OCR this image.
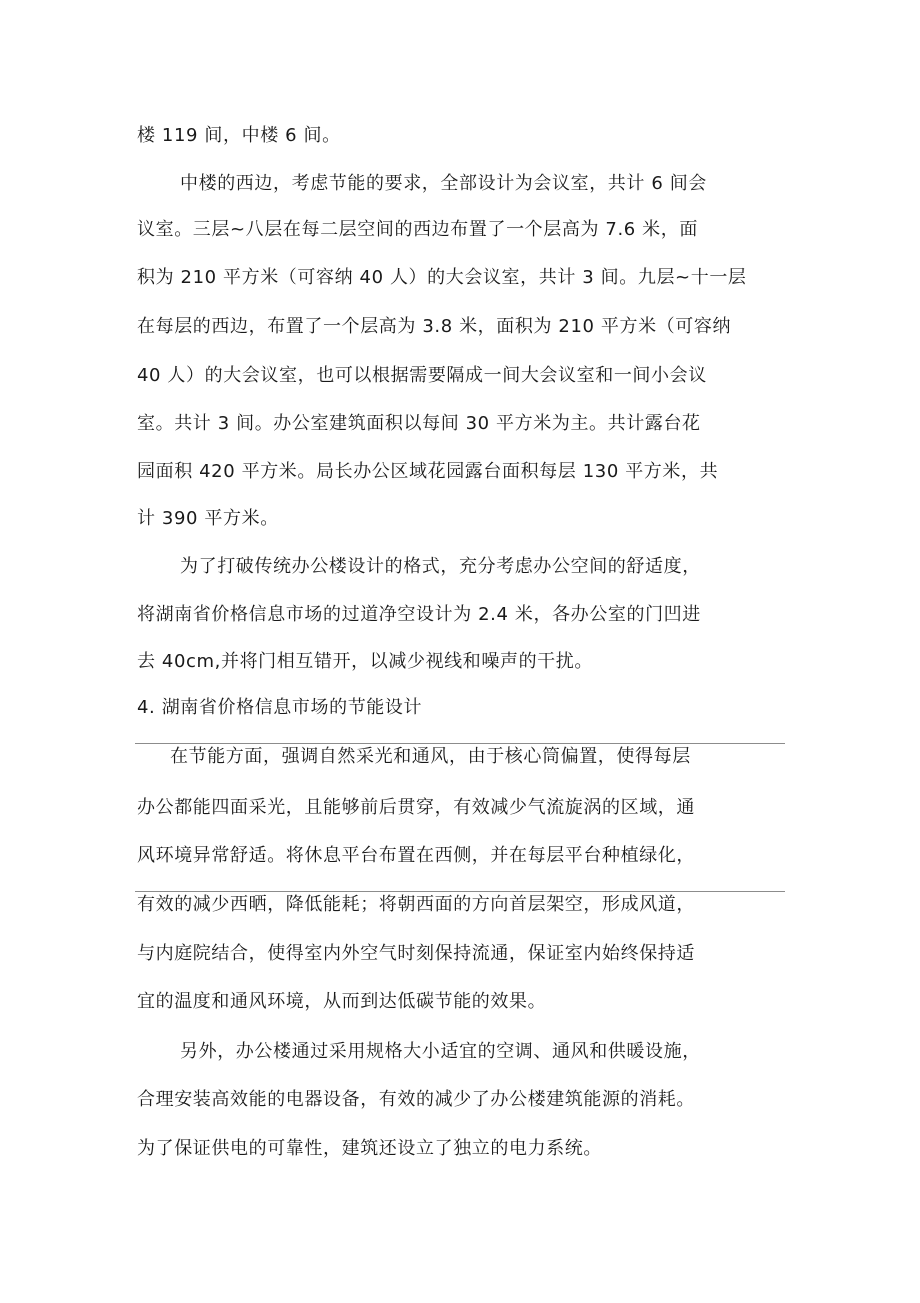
楼 119 间，中楼 6 间。
中楼的西边，考虑节能的要求，全部设计为会议室，共计 6 间会
议室。三层~八层在每二层空间的西边布置了一个层高为 7.6 米，面
积为 210 平方米（可容纳 40 人）的大会议室，共计 3 间。九层~十一层
在每层的西边，布置了一个层高为 3.8 米，面积为 210 平方米（可容纳
40 人）的大会议室，也可以根据需要隔成一间大会议室和一间小会议
室。共计 3 间。办公室建筑面积以每间 30 平方米为主。共计露台花
园面积 420 平方米。局长办公区域花园露台面积每层 130 平方米，共
计 390 平方米。
为了打破传统办公楼设计的格式，充分考虑办公空间的舒适度，
将湖南省价格信息市场的过道净空设计为 2.4 米，各办公室的门凹进
去 40cm,并将门相互错开，以减少视线和噪声的干扰。
4. 湖南省价格信息市场的节能设计
在节能方面，强调自然采光和通风，由于核心筒偏置，使得每层
办公都能四面采光，且能够前后贯穿，有效减少气流旋涡的区域，通
风环境异常舒适。将休息平台布置在西侧，并在每层平台种植绿化，
有效的减少西晒，降低能耗；将朝西面的方向首层架空，形成风道，
与内庭院结合，使得室内外空气时刻保持流通，保证室内始终保持适
宜的温度和通风环境，从而到达低碳节能的效果。
另外，办公楼通过采用规格大小适宜的空调、通风和供暖设施，
合理安装高效能的电器设备，有效的减少了办公楼建筑能源的消耗。
为了保证供电的可靠性，建筑还设立了独立的电力系统。
